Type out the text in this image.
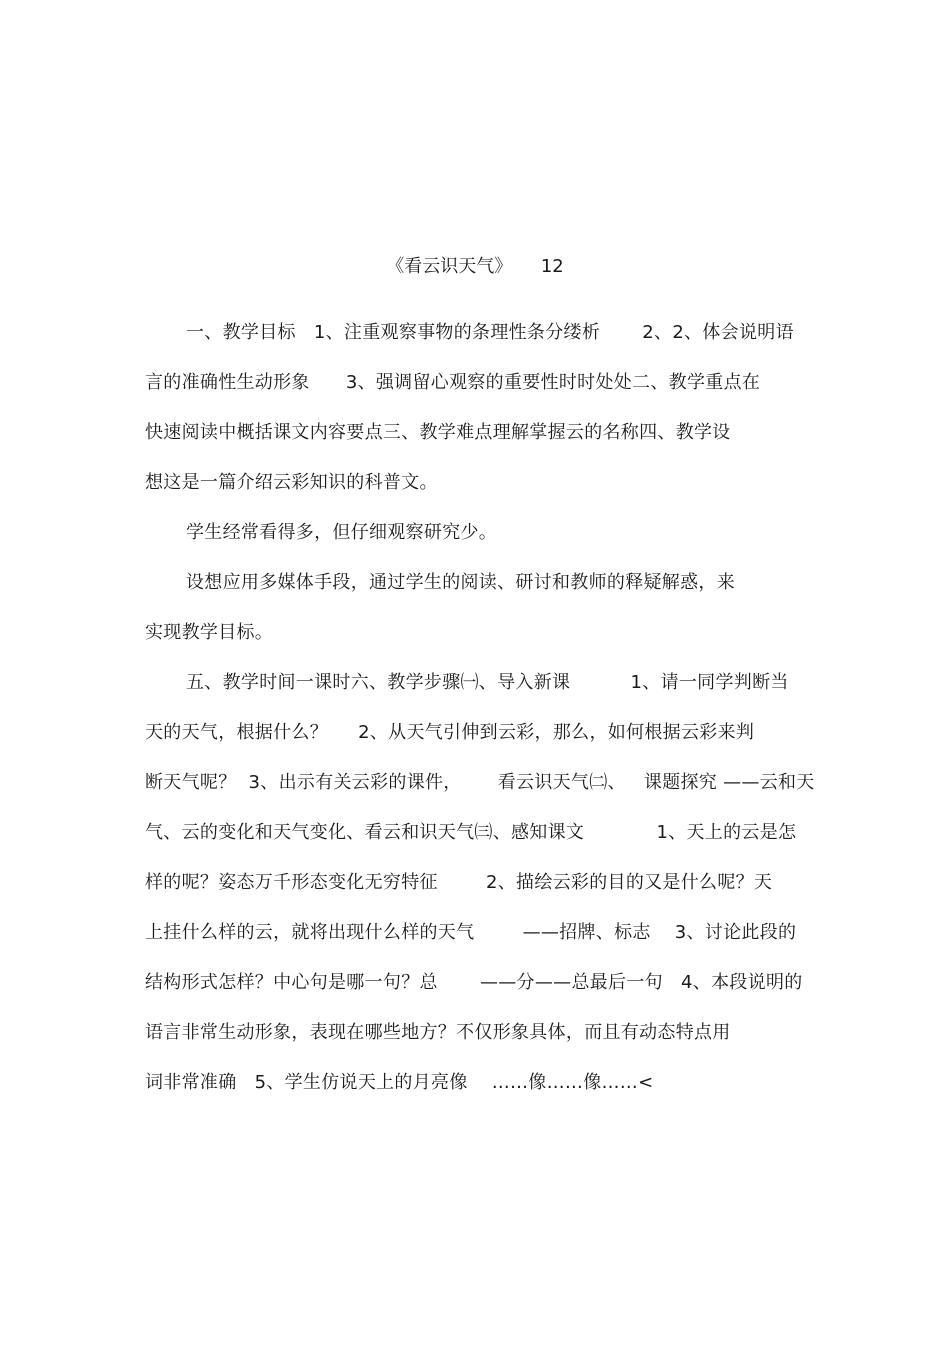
《看云识天气》     12
一、教学目标   1、注重观察事物的条理性条分缕析       2、2、体会说明语
言的准确性生动形象      3、强调留心观察的重要性时时处处二、教学重点在
快速阅读中概括课文内容要点三、教学难点理解掌握云的名称四、教学设
想这是一篇介绍云彩知识的科普文。
学生经常看得多，但仔细观察研究少。
设想应用多媒体手段，通过学生的阅读、研讨和教师的释疑解惑，来
实现教学目标。
五、教学时间一课时六、教学步骤㈠、导入新课          1、请一同学判断当
天的天气，根据什么？     2、从天气引伸到云彩，那么，如何根据云彩来判
断天气呢？  3、出示有关云彩的课件，      看云识天气㈡、   课题探究 ——云和天
气、云的变化和天气变化、看云和识天气㈢、感知课文            1、天上的云是怎
样的呢？姿态万千形态变化无穷特征        2、描绘云彩的目的又是什么呢？天
上挂什么样的云，就将出现什么样的天气        ——招牌、标志    3、讨论此段的
结构形式怎样？中心句是哪一句？总       ——分——总最后一句   4、本段说明的
语言非常生动形象，表现在哪些地方？不仅形象具体，而且有动态特点用
词非常准确   5、学生仿说天上的月亮像    ……像……像……<
